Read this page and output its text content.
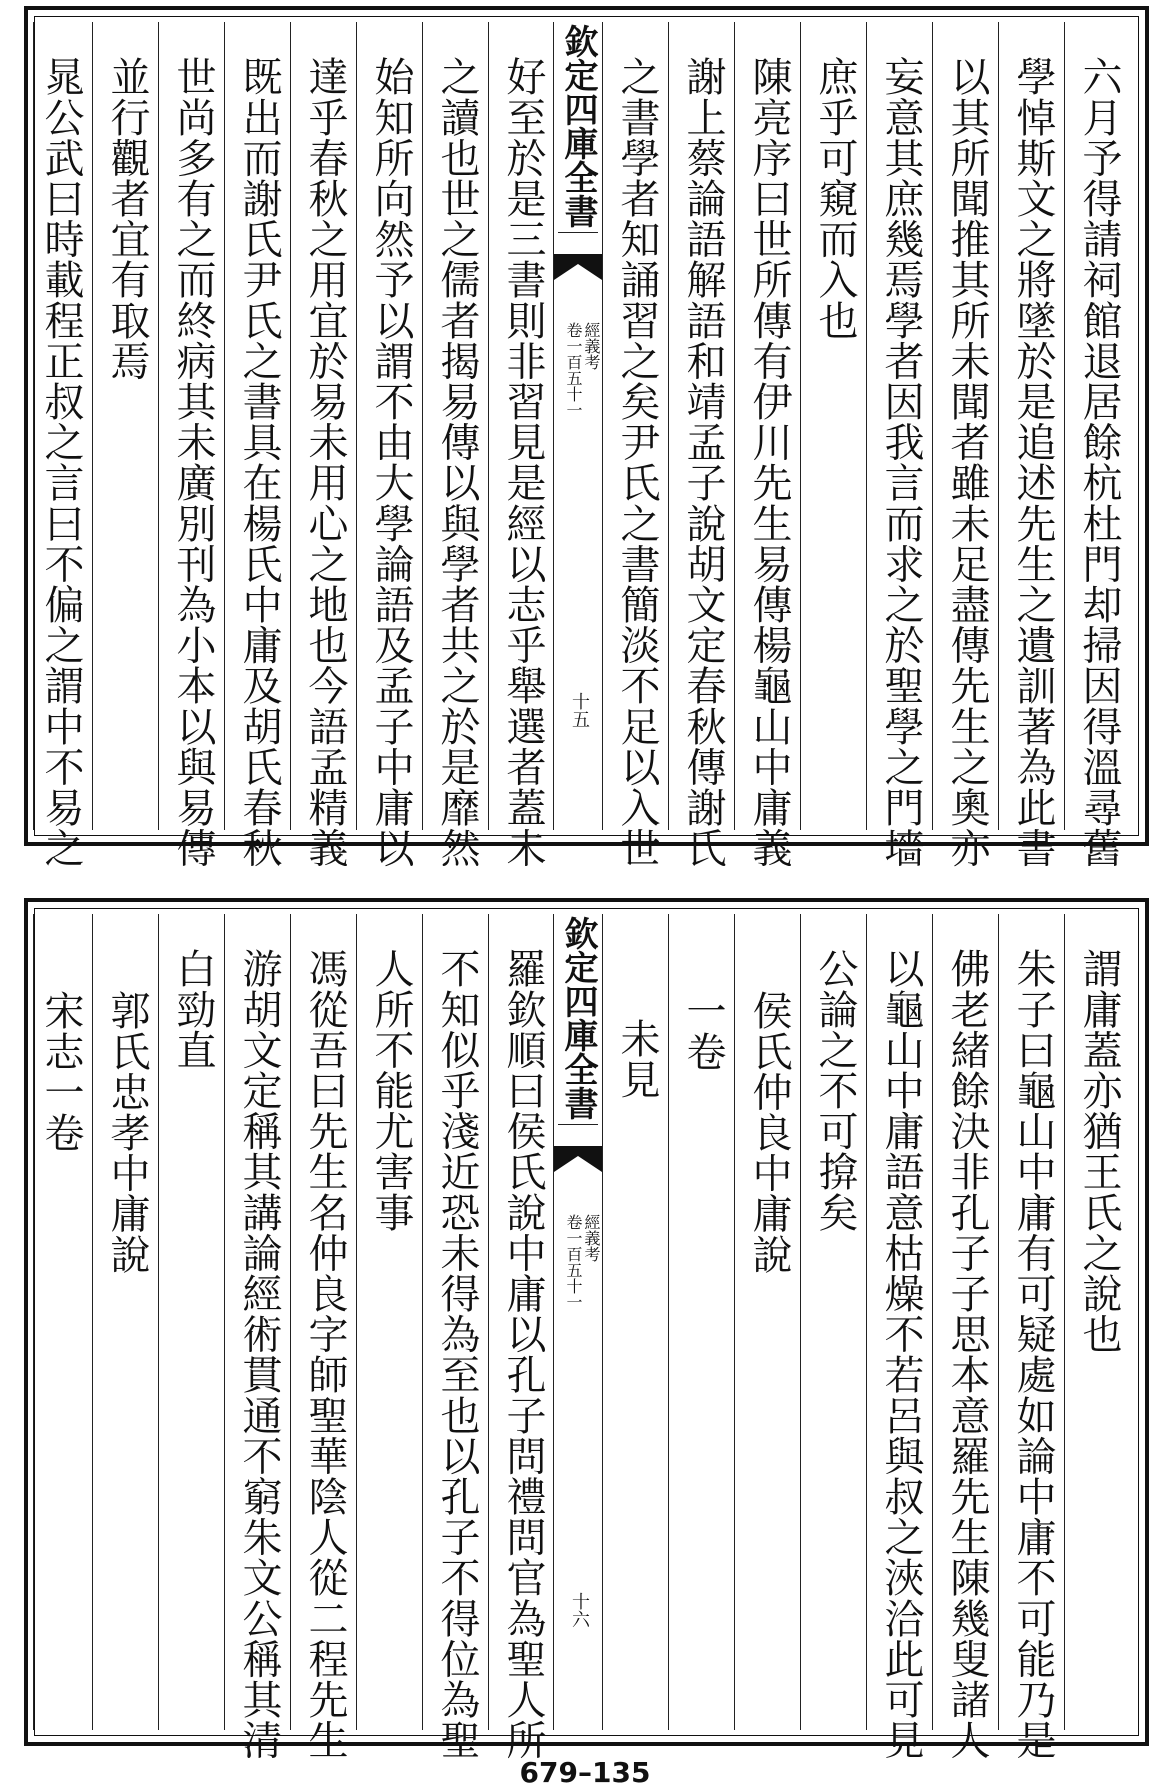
六月予得請祠館退居餘杭杜門却掃因得溫尋舊
學悼斯文之將墜於是追述先生之遺訓著為此書
以其所聞推其所未聞者雖未足盡傳先生之奧亦
妄意其庶幾焉學者因我言而求之於聖學之門墻
庶乎可窺而入也
陳亮序曰世所傳有伊川先生易傳楊龜山中庸義
謝上蔡論語解語和靖孟子說胡文定春秋傳謝氏
之書學者知誦習之矣尹氏之書簡淡不足以入世
欽定四庫全書
經義考
卷一百五十一
十五
好至於是三書則非習見是經以志乎舉選者蓋未
之讀也世之儒者揭易傳以與學者共之於是靡然
始知所向然予以謂不由大學論語及孟子中庸以
達乎春秋之用宜於易未用心之地也今語孟精義
既出而謝氏尹氏之書具在楊氏中庸及胡氏春秋
世尚多有之而終病其未廣別刊為小本以與易傳
並行觀者宜有取焉
晁公武曰時載程正叔之言曰不偏之謂中不易之
謂庸蓋亦猶王氏之說也
朱子曰龜山中庸有可疑處如論中庸不可能乃是
佛老緒餘決非孔子子思本意羅先生陳幾叟諸人
以龜山中庸語意枯燥不若呂與叔之浹洽此可見
公論之不可揜矣
侯氏仲良中庸說
一卷
未見
欽定四庫全書
經義考
卷一百五十一
十六
羅欽順曰侯氏說中庸以孔子問禮問官為聖人所
不知似乎淺近恐未得為至也以孔子不得位為聖
人所不能尤害事
馮從吾曰先生名仲良字師聖華陰人從二程先生
游胡文定稱其講論經術貫通不窮朱文公稱其清
白勁直
郭氏忠孝中庸說
宋志一卷
679–135
